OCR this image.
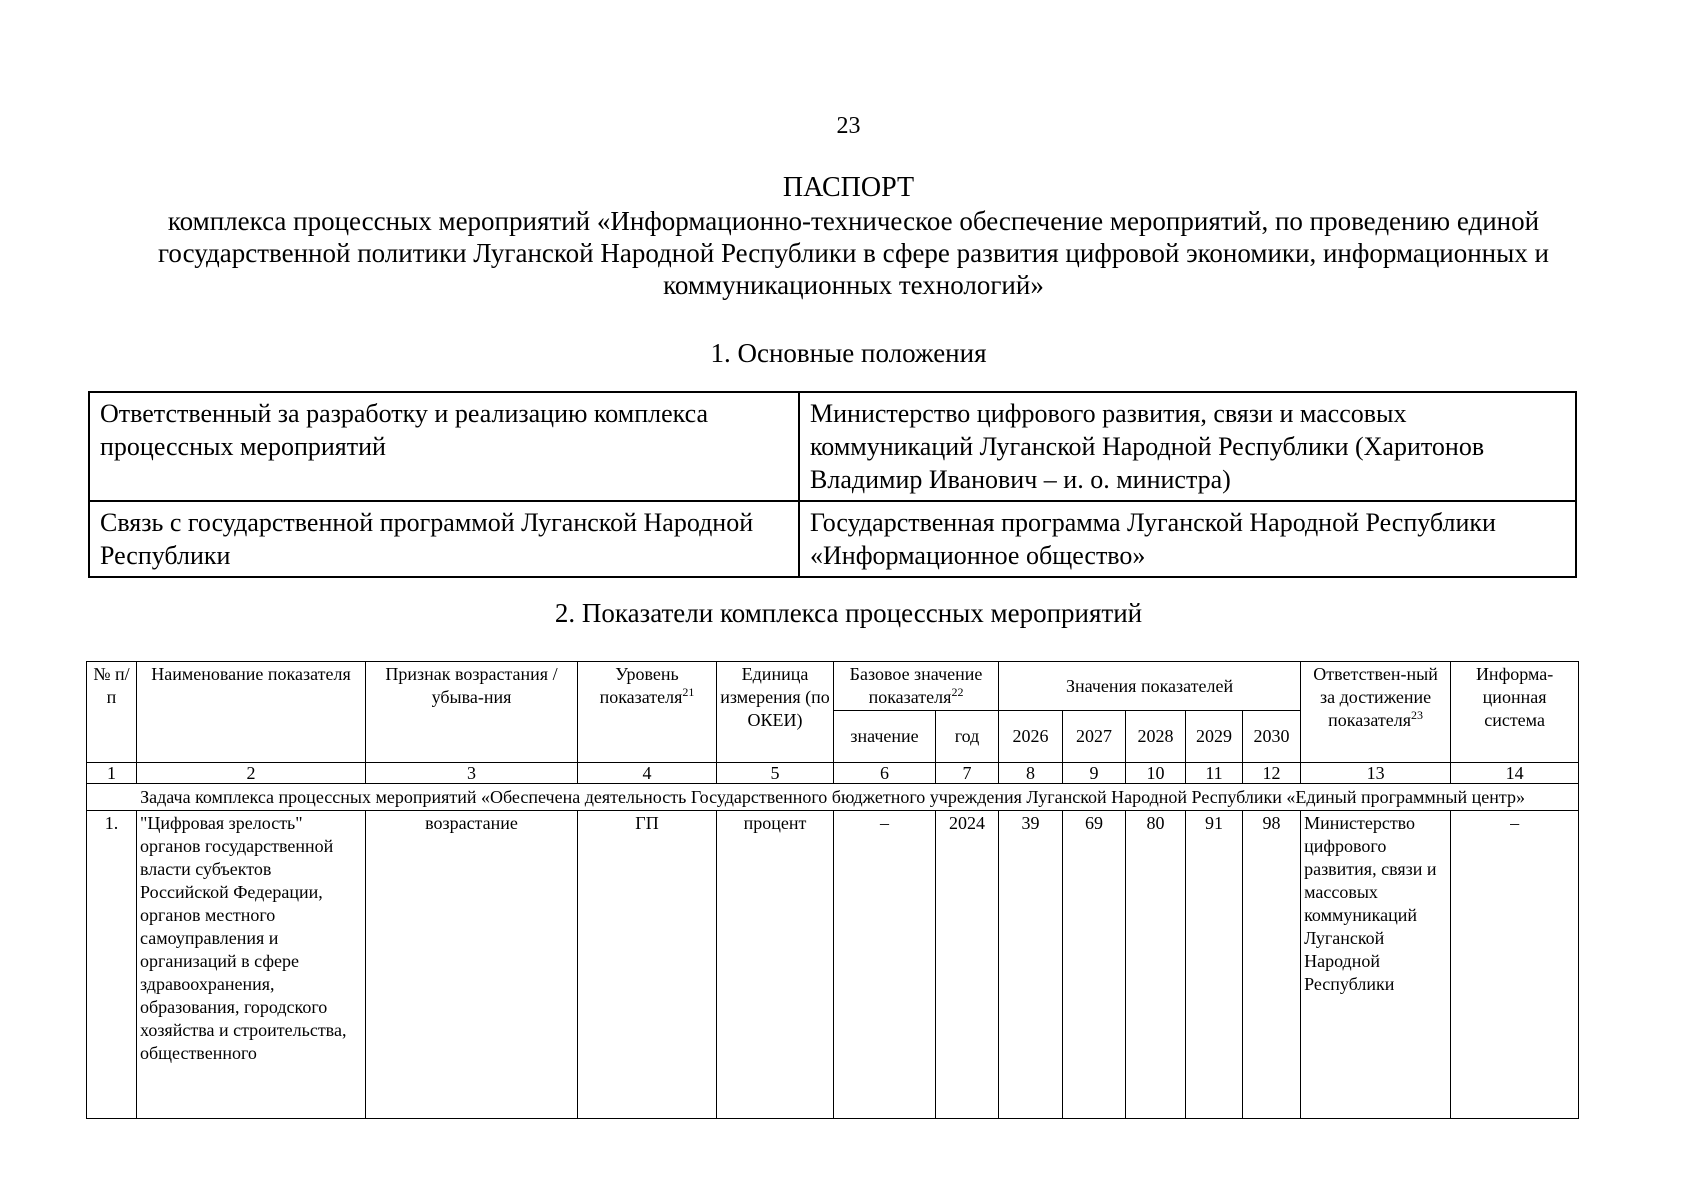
23
ПАСПОРТ
комплекса процессных мероприятий «Информационно-техническое обеспечение мероприятий, по проведению единой государственной политики Луганской Народной Республики в сфере развития цифровой экономики, информационных и коммуникационных технологий»
1. Основные положения
Ответственный за разработку и реализацию комплекса процессных мероприятий	Министерство цифрового развития, связи и массовых коммуникаций Луганской Народной Республики (Харитонов Владимир Иванович – и. о. министра)
Связь с государственной программой Луганской Народной Республики	Государственная программа Луганской Народной Республики «Информационное общество»
2. Показатели комплекса процессных мероприятий
№ п/п	Наименование показателя	Признак возрастания / убыва-ния	Уровень показателя$^{21}$	Единица измерения (по ОКЕИ)	Базовое значение показателя$^{22}$		Значения показателей					Ответствен-ный за достижение показателя$^{23}$	Информа-ционная система
					значение	год	2026	2027	2028	2029	2030		
1	2	3	4	5	6	7	8	9	10	11	12	13	14
Задача комплекса процессных мероприятий «Обеспечена деятельность Государственного бюджетного учреждения Луганской Народной Республики «Единый программный центр»													
1.	"Цифровая зрелость" органов государственной власти субъектов Российской Федерации, органов местного самоуправления и организаций в сфере здравоохранения, образования, городского хозяйства и строительства, общественного	возрастание	ГП	процент	–	2024	39	69	80	91	98	Министерство цифрового развития, связи и массовых коммуникаций Луганской Народной Республики	–
